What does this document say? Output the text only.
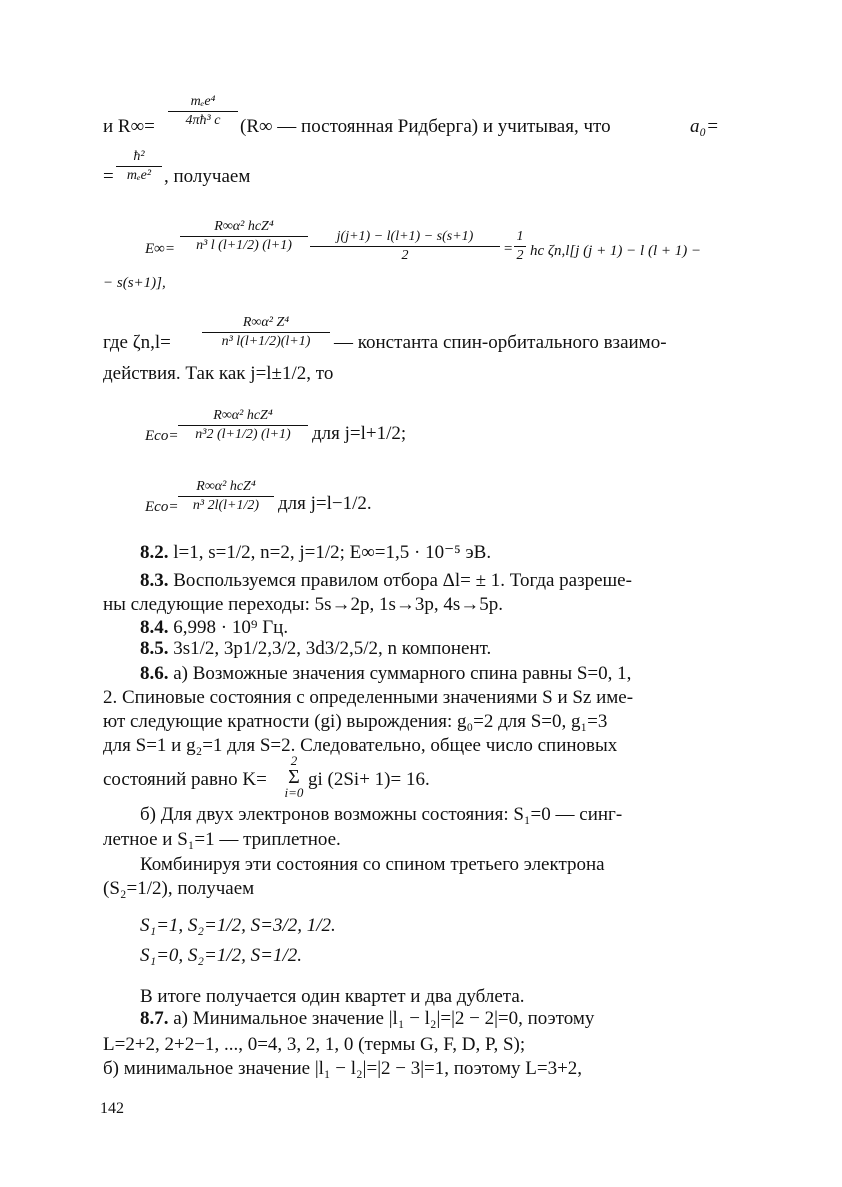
mₑe⁴
4πħ³ c
и R∞=	(R∞ — постоянная Ридберга) и учитывая, что	a₀=
=
ħ²
mₑe² , получаем
E∞=
R∞α² hcZ⁴
n³ l (l+1/2) (l+1)	$\frac{j(j+1) - l(l+1) - s(s+1)}{2} = \frac{1}{2}$ hc ζn,l[j (j + 1) − l (l + 1) −
− s(s+1)],
где $\zeta n,l= \frac{\text{R∞α² Z⁴}}{\text{n³ l(l+1/2)(l+1)}}$ — константа спин-орбитального взаимо-
действия. Так как j=l±1/2, то
Eco=
R∞α² hcZ⁴
n³2 (l+1/2) (l+1)	для j=l+1/2;
Eco=
R∞α² hcZ⁴
n³ 2l(l+1/2) для j=l−1/2.
8.2. l=1, s=1/2, n=2, j=1/2; E∞=1,5 · 10⁻⁵ эВ.
8.3. Воспользуемся правилом отбора Δl= ± 1. Тогда разреше-
ны следующие переходы: 5s→2p, 1s→3p, 4s→5p.
8.4. 6,998 · 10⁹ Гц.
8.5. 3s1/2, 3p1/2,3/2, 3d3/2,5/2, n компонент.
8.6. а) Возможные значения суммарного спина равны S=0, 1,
2. Спиновые состояния с определенными значениями S и Sz име-
ют следующие кратности (gi) вырождения: g₀=2 для S=0, g₁=3
для S=1 и g₂=1 для S=2. Следовательно, общее число спиновых
состояний равно K=
2
Σ
i=0
gi (2Si+ 1)= 16.
б) Для двух электронов возможны состояния: S₁=0 — синг-
летное и S₁=1 — триплетное.
Комбинируя эти состояния со спином третьего электрона
(S₂=1/2), получаем
S₁=1, S₂=1/2, S=3/2, 1/2.
S₁=0, S₂=1/2, S=1/2.
В итоге получается один квартет и два дублета.
8.7. а) Минимальное значение |l₁ − l₂|=|2 − 2|=0, поэтому
L=2+2, 2+2−1, ..., 0=4, 3, 2, 1, 0 (термы G, F, D, P, S);
б) минимальное значение |l₁ − l₂|=|2 − 3|=1, поэтому L=3+2,
142
